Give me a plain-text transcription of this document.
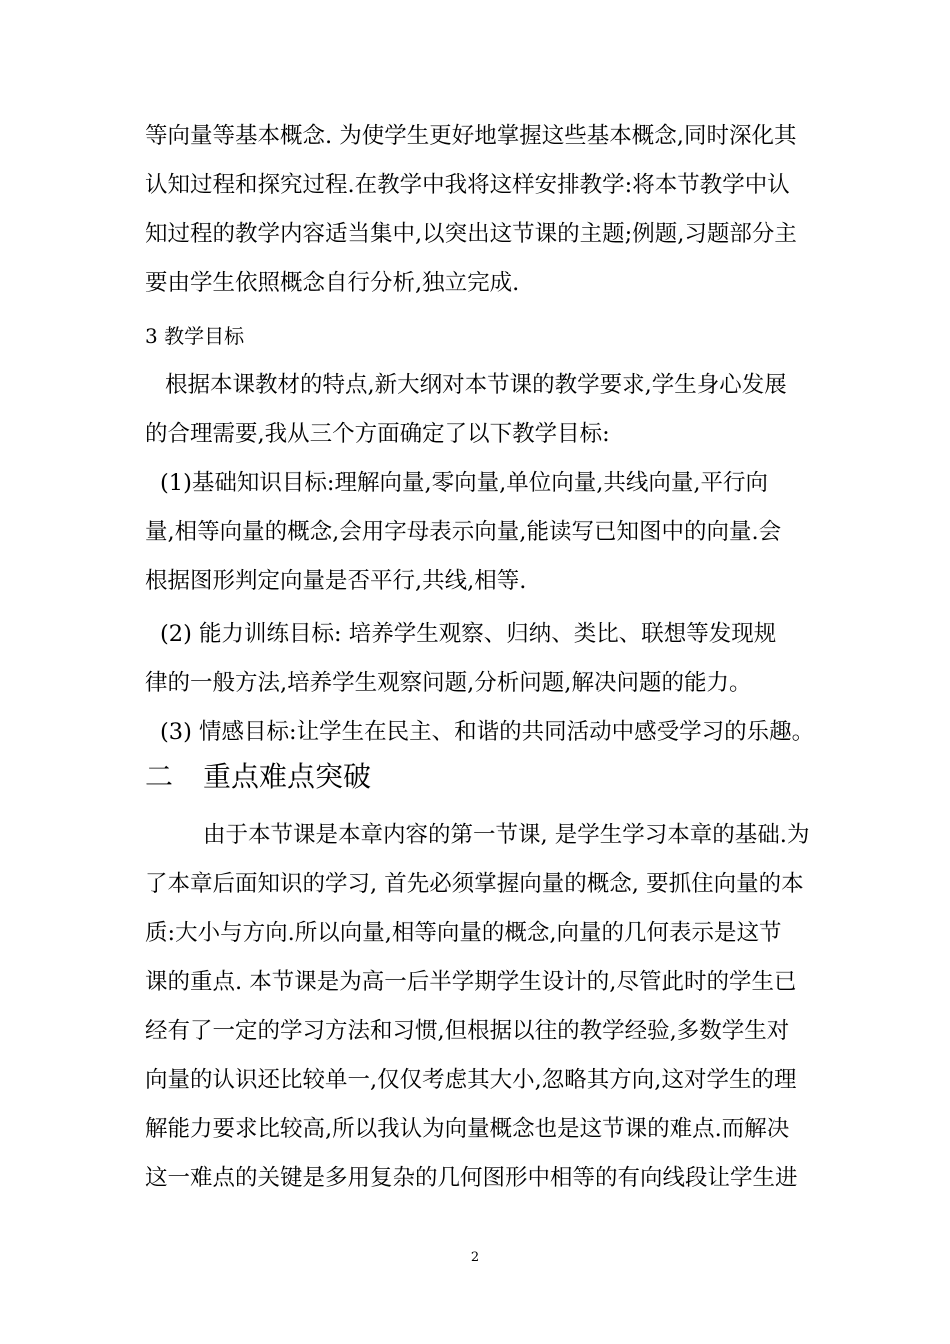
等向量等基本概念. 为使学生更好地掌握这些基本概念,同时深化其
认知过程和探究过程.在教学中我将这样安排教学:将本节教学中认
知过程的教学内容适当集中,以突出这节课的主题;例题,习题部分主
要由学生依照概念自行分析,独立完成.
3 教学目标
根据本课教材的特点,新大纲对本节课的教学要求,学生身心发展
的合理需要,我从三个方面确定了以下教学目标:
(1)基础知识目标:理解向量,零向量,单位向量,共线向量,平行向
量,相等向量的概念,会用字母表示向量,能读写已知图中的向量.会
根据图形判定向量是否平行,共线,相等.
(2) 能力训练目标: 培养学生观察、归纳、类比、联想等发现规
律的一般方法,培养学生观察问题,分析问题,解决问题的能力。
(3) 情感目标:让学生在民主、和谐的共同活动中感受学习的乐趣。
二 重点难点突破
由于本节课是本章内容的第一节课, 是学生学习本章的基础.为
了本章后面知识的学习, 首先必须掌握向量的概念, 要抓住向量的本
质:大小与方向.所以向量,相等向量的概念,向量的几何表示是这节
课的重点. 本节课是为高一后半学期学生设计的,尽管此时的学生已
经有了一定的学习方法和习惯,但根据以往的教学经验,多数学生对
向量的认识还比较单一,仅仅考虑其大小,忽略其方向,这对学生的理
解能力要求比较高,所以我认为向量概念也是这节课的难点.而解决
这一难点的关键是多用复杂的几何图形中相等的有向线段让学生进
2
